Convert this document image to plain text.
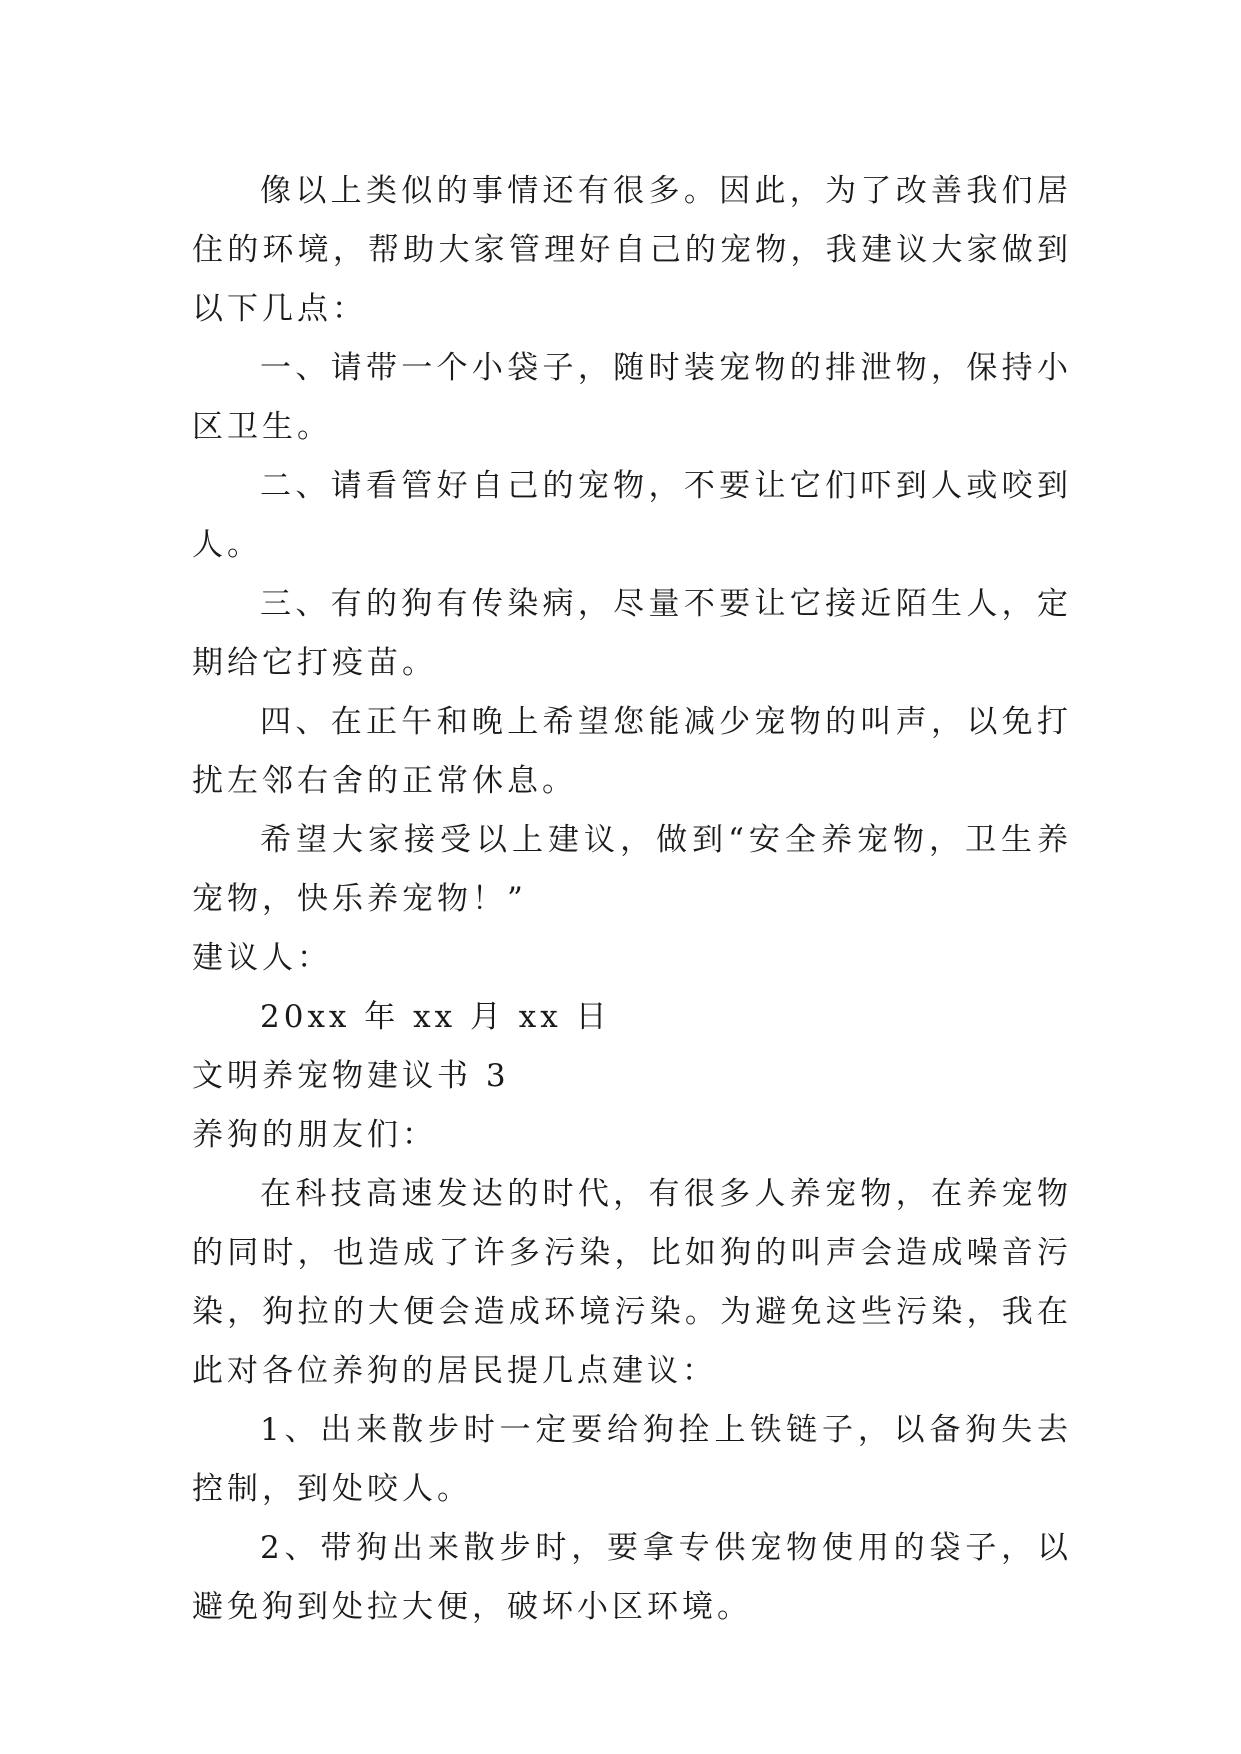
像以上类似的事情还有很多。因此，为了改善我们居住的环境，帮助大家管理好自己的宠物，我建议大家做到以下几点：

一、请带一个小袋子，随时装宠物的排泄物，保持小区卫生。

二、请看管好自己的宠物，不要让它们吓到人或咬到人。

三、有的狗有传染病，尽量不要让它接近陌生人，定期给它打疫苗。

四、在正午和晚上希望您能减少宠物的叫声，以免打扰左邻右舍的正常休息。

希望大家接受以上建议，做到“安全养宠物，卫生养宠物，快乐养宠物！”

建议人：

20xx 年 xx 月 xx 日

文明养宠物建议书 3

养狗的朋友们：

在科技高速发达的时代，有很多人养宠物，在养宠物的同时，也造成了许多污染，比如狗的叫声会造成噪音污染，狗拉的大便会造成环境污染。为避免这些污染，我在此对各位养狗的居民提几点建议：

1、出来散步时一定要给狗拴上铁链子，以备狗失去控制，到处咬人。

2、带狗出来散步时，要拿专供宠物使用的袋子，以避免狗到处拉大便，破坏小区环境。
